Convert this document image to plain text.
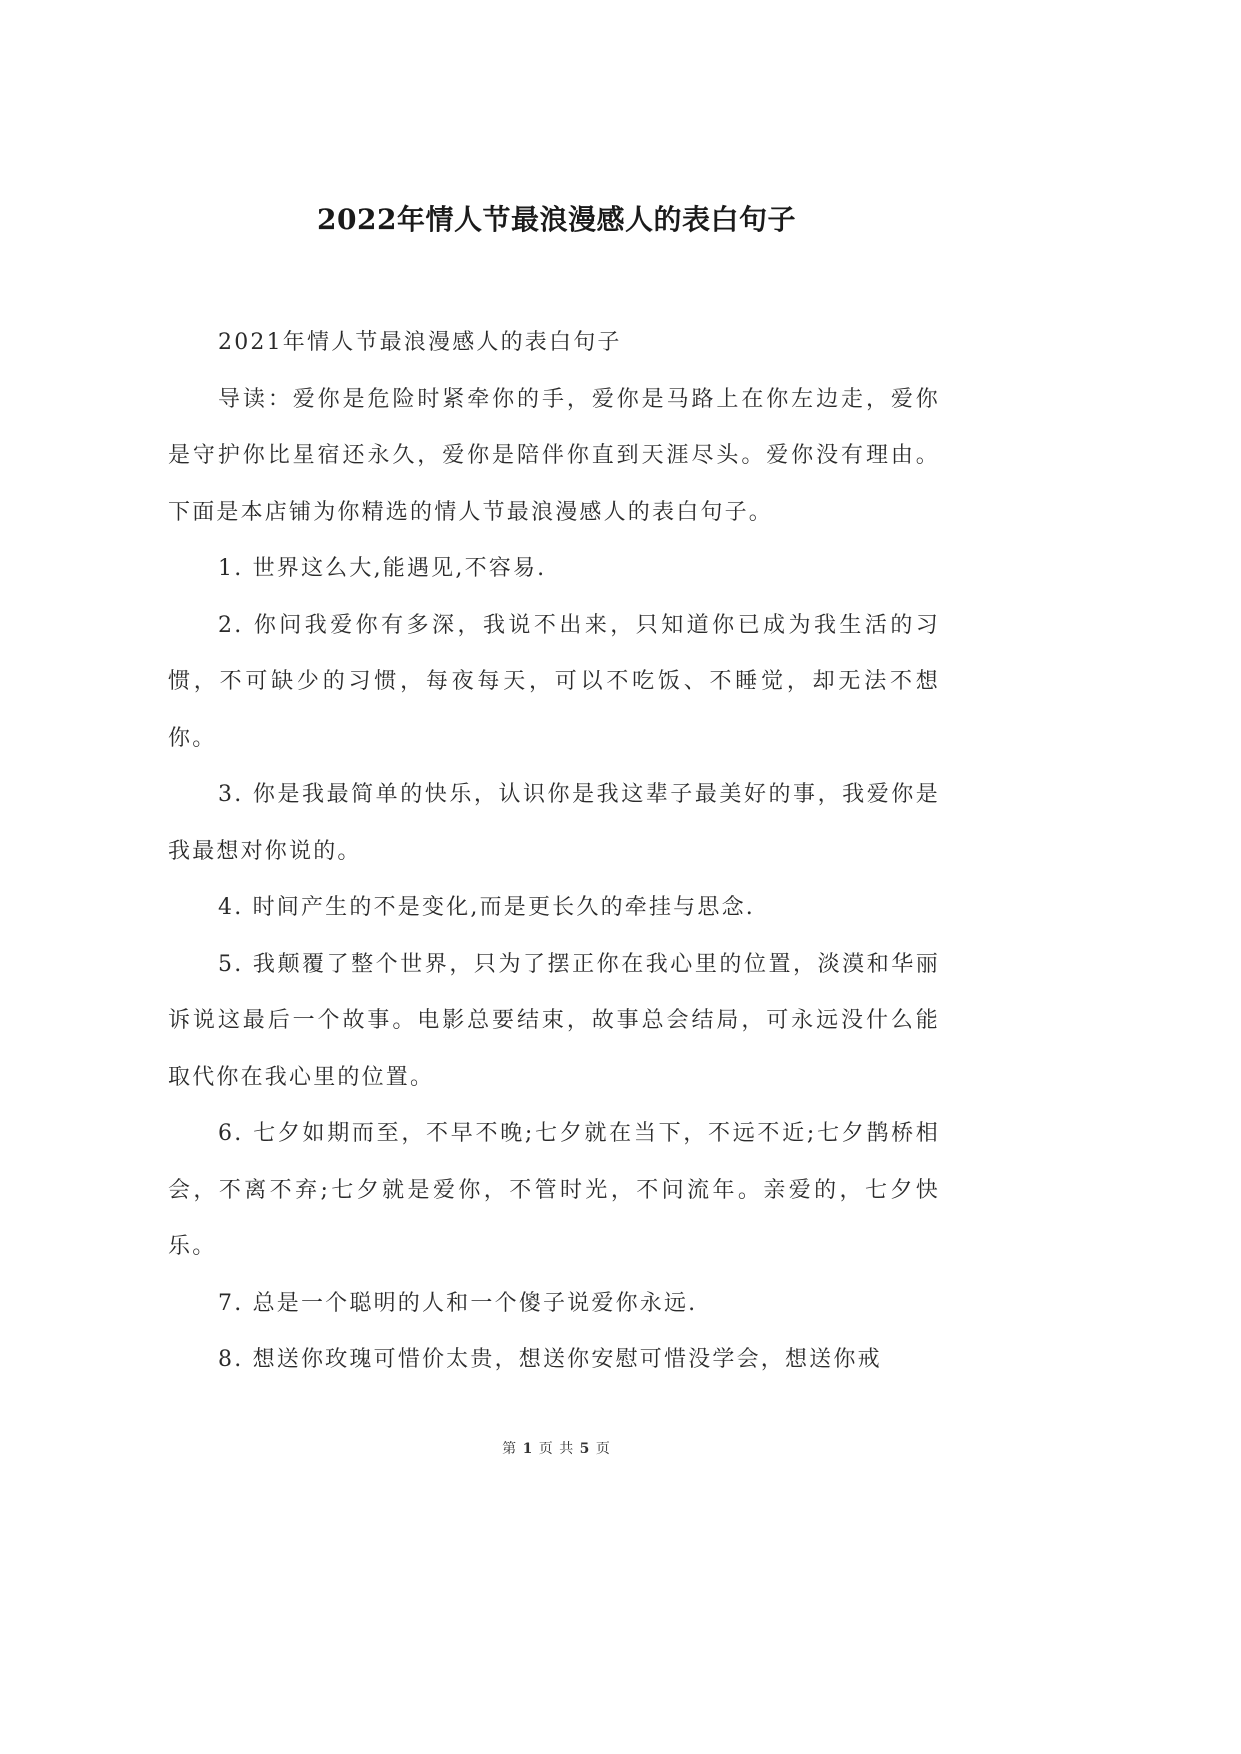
2022年情人节最浪漫感人的表白句子

2021年情人节最浪漫感人的表白句子

导读：爱你是危险时紧牵你的手，爱你是马路上在你左边走，爱你是守护你比星宿还永久，爱你是陪伴你直到天涯尽头。爱你没有理由。下面是本店铺为你精选的情人节最浪漫感人的表白句子。

1. 世界这么大,能遇见,不容易.

2. 你问我爱你有多深，我说不出来，只知道你已成为我生活的习惯，不可缺少的习惯，每夜每天，可以不吃饭、不睡觉，却无法不想你。

3. 你是我最简单的快乐，认识你是我这辈子最美好的事，我爱你是我最想对你说的。

4. 时间产生的不是变化,而是更长久的牵挂与思念.

5. 我颠覆了整个世界，只为了摆正你在我心里的位置，淡漠和华丽诉说这最后一个故事。电影总要结束，故事总会结局，可永远没什么能取代你在我心里的位置。

6. 七夕如期而至，不早不晚;七夕就在当下，不远不近;七夕鹊桥相会，不离不弃;七夕就是爱你，不管时光，不问流年。亲爱的，七夕快乐。

7. 总是一个聪明的人和一个傻子说爱你永远.

8. 想送你玫瑰可惜价太贵，想送你安慰可惜没学会，想送你戒

第 1 页 共 5 页
